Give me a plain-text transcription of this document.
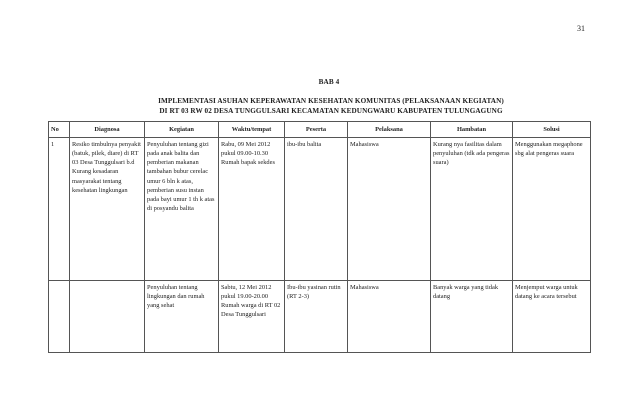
31
BAB 4
IMPLEMENTASI ASUHAN KEPERAWATAN KESEHATAN KOMUNITAS (PELAKSANAAN KEGIATAN)
DI RT 03 RW 02 DESA TUNGGULSARI KECAMATAN KEDUNGWARU KABUPATEN TULUNGAGUNG
No	Diagnosa	Kegiatan	Waktu/tempat	Peserta	Pelaksana	Hambatan	Solusi
1	Resiko timbulnya penyakit (batuk, pilek, diare) di RT 03 Desa Tunggulsari b.d Kurang kesadaran masyarakat tentang kesehatan lingkungan	Penyuluhan tentang gizi pada anak balita dan pemberian makanan tambahan bubur cerelac umur 6 bln k atas, pemberian susu instan pada bayi umur 1 th k atas di posyandu balita	Rabu, 09 Mei 2012 pukul 09.00-10.30 Rumah bapak sekdes	ibu-ibu balita	Mahasiswa	Kurang nya fasilitas dalam penyuluhan (tdk ada pengeras suara)	Menggunakan megaphone sbg alat pengeras suara
		Penyuluhan tentang lingkungan dan rumah yang sehat	Sabtu, 12 Mei 2012 pukul 19.00-20.00 Rumah warga di RT 02 Desa Tunggulsari	Ibu-ibu yasinan rutin (RT 2-3)	Mahasiswa	Banyak warga yang tidak datang	Menjemput warga untuk datang ke acara tersebut
